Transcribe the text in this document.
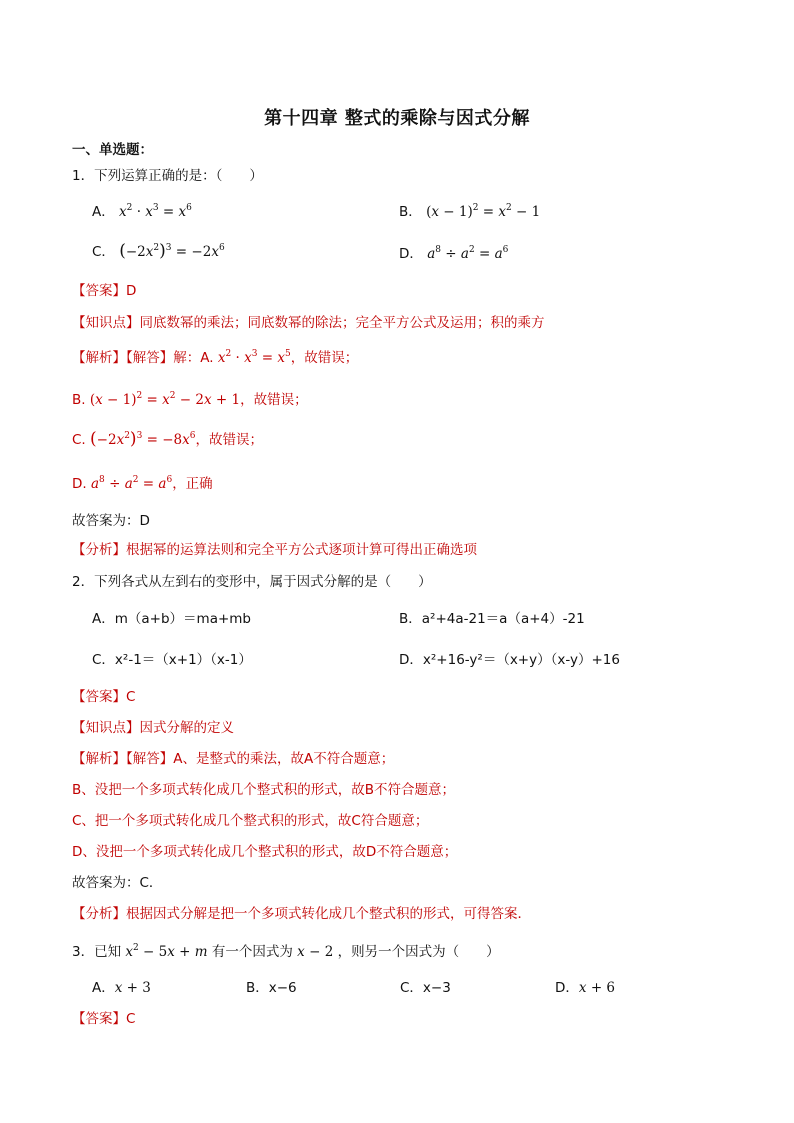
第十四章 整式的乘除与因式分解
一、单选题：
1．下列运算正确的是：（　　）
A． $x^2 \cdot x^3 = x^6$	B． $(x - 1)^2 = x^2 - 1$
C． $(-2x^2)^3 = -2x^6$	D． $a^8 \div a^2 = a^6$
【答案】D
【知识点】同底数幂的乘法；同底数幂的除法；完全平方公式及运用；积的乘方
【解析】【解答】解：A. $x^2 \cdot x^3 = x^5$，故错误；
B. $(x - 1)^2 = x^2 - 2x + 1$，故错误；
C. $(-2x^2)^3 = -8x^6$，故错误；
D. $a^8 \div a^2 = a^6$，正确
故答案为：D
【分析】根据幂的运算法则和完全平方公式逐项计算可得出正确选项
2．下列各式从左到右的变形中，属于因式分解的是（　　）
A．m（a+b）＝ma+mb	B．a²+4a-21＝a（a+4）-21
C．x²-1＝（x+1）（x-1）	D．x²+16-y²＝（x+y）（x-y）+16
【答案】C
【知识点】因式分解的定义
【解析】【解答】A、是整式的乘法，故A不符合题意；
B、没把一个多项式转化成几个整式积的形式，故B不符合题意；
C、把一个多项式转化成几个整式积的形式，故C符合题意；
D、没把一个多项式转化成几个整式积的形式，故D不符合题意；
故答案为：C．
【分析】根据因式分解是把一个多项式转化成几个整式积的形式，可得答案．
3．已知 $x^2 - 5x + m$ 有一个因式为 x − 2 ，则另一个因式为（　　）
A．x + 3	B．x−6	C．x−3	D．x + 6
【答案】C
